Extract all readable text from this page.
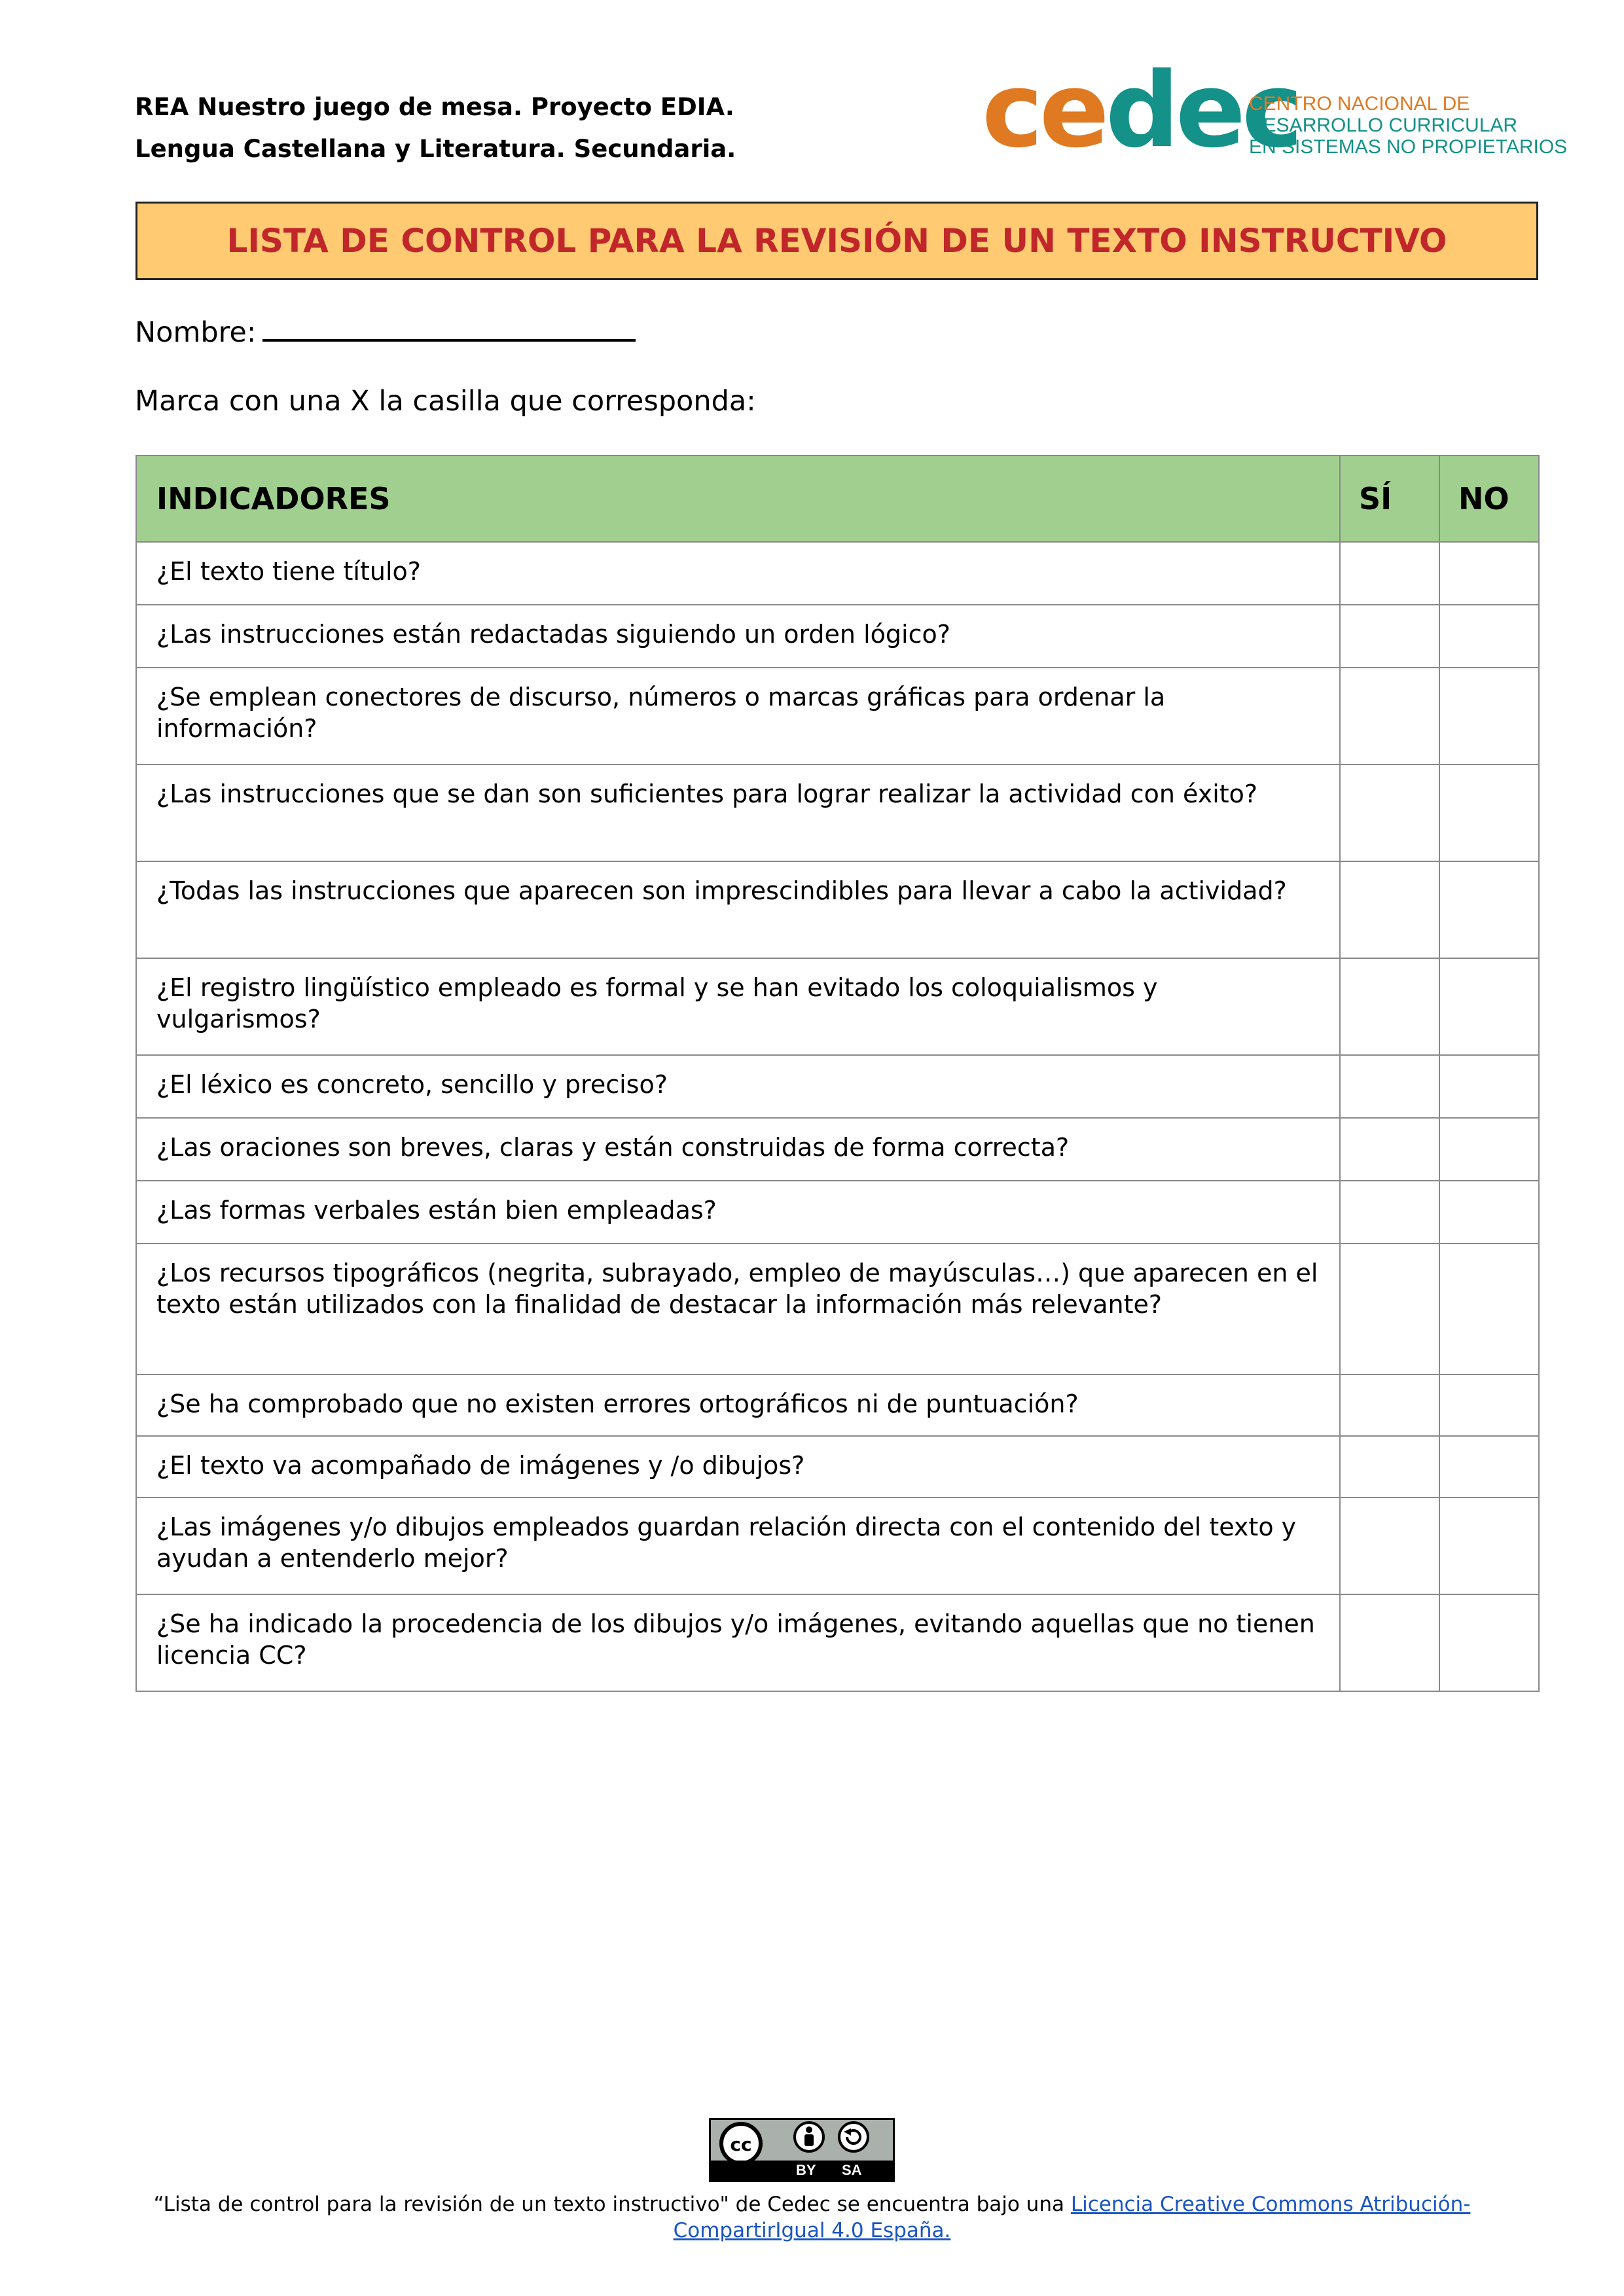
REA Nuestro juego de mesa. Proyecto EDIA.
Lengua Castellana y Literatura. Secundaria. cedec
CENTRO NACIONAL DE
DESARROLLO CURRICULAR
EN SISTEMAS NO PROPIETARIOS
LISTA DE CONTROL PARA LA REVISIÓN DE UN TEXTO INSTRUCTIVO
Nombre:
Marca con una X la casilla que corresponda:
INDICADORES	SÍ	NO
¿El texto tiene título?		
¿Las instrucciones están redactadas siguiendo un orden lógico?		
¿Se emplean conectores de discurso, números o marcas gráficas para ordenar la información?		
¿Las instrucciones que se dan son suficientes para lograr realizar la actividad con éxito?		
¿Todas las instrucciones que aparecen son imprescindibles para llevar a cabo la actividad?		
¿El registro lingüístico empleado es formal y se han evitado los coloquialismos y vulgarismos?		
¿El léxico es concreto, sencillo y preciso?		
¿Las oraciones son breves, claras y están construidas de forma correcta?		
¿Las formas verbales están bien empleadas?		
¿Los recursos tipográficos (negrita, subrayado, empleo de mayúsculas…) que aparecen en el texto están utilizados con la finalidad de destacar la información más relevante?		
¿Se ha comprobado que no existen errores ortográficos ni de puntuación?		
¿El texto va acompañado de imágenes y /o dibujos?		
¿Las imágenes y/o dibujos empleados guardan relación directa con el contenido del texto y ayudan a entenderlo mejor?		
¿Se ha indicado la procedencia de los dibujos y/o imágenes, evitando aquellas que no tienen licencia CC?		
cc
BY SA
“Lista de control para la revisión de un texto instructivo" de Cedec se encuentra bajo una Licencia Creative Commons Atribución-CompartirIgual 4.0 España.
